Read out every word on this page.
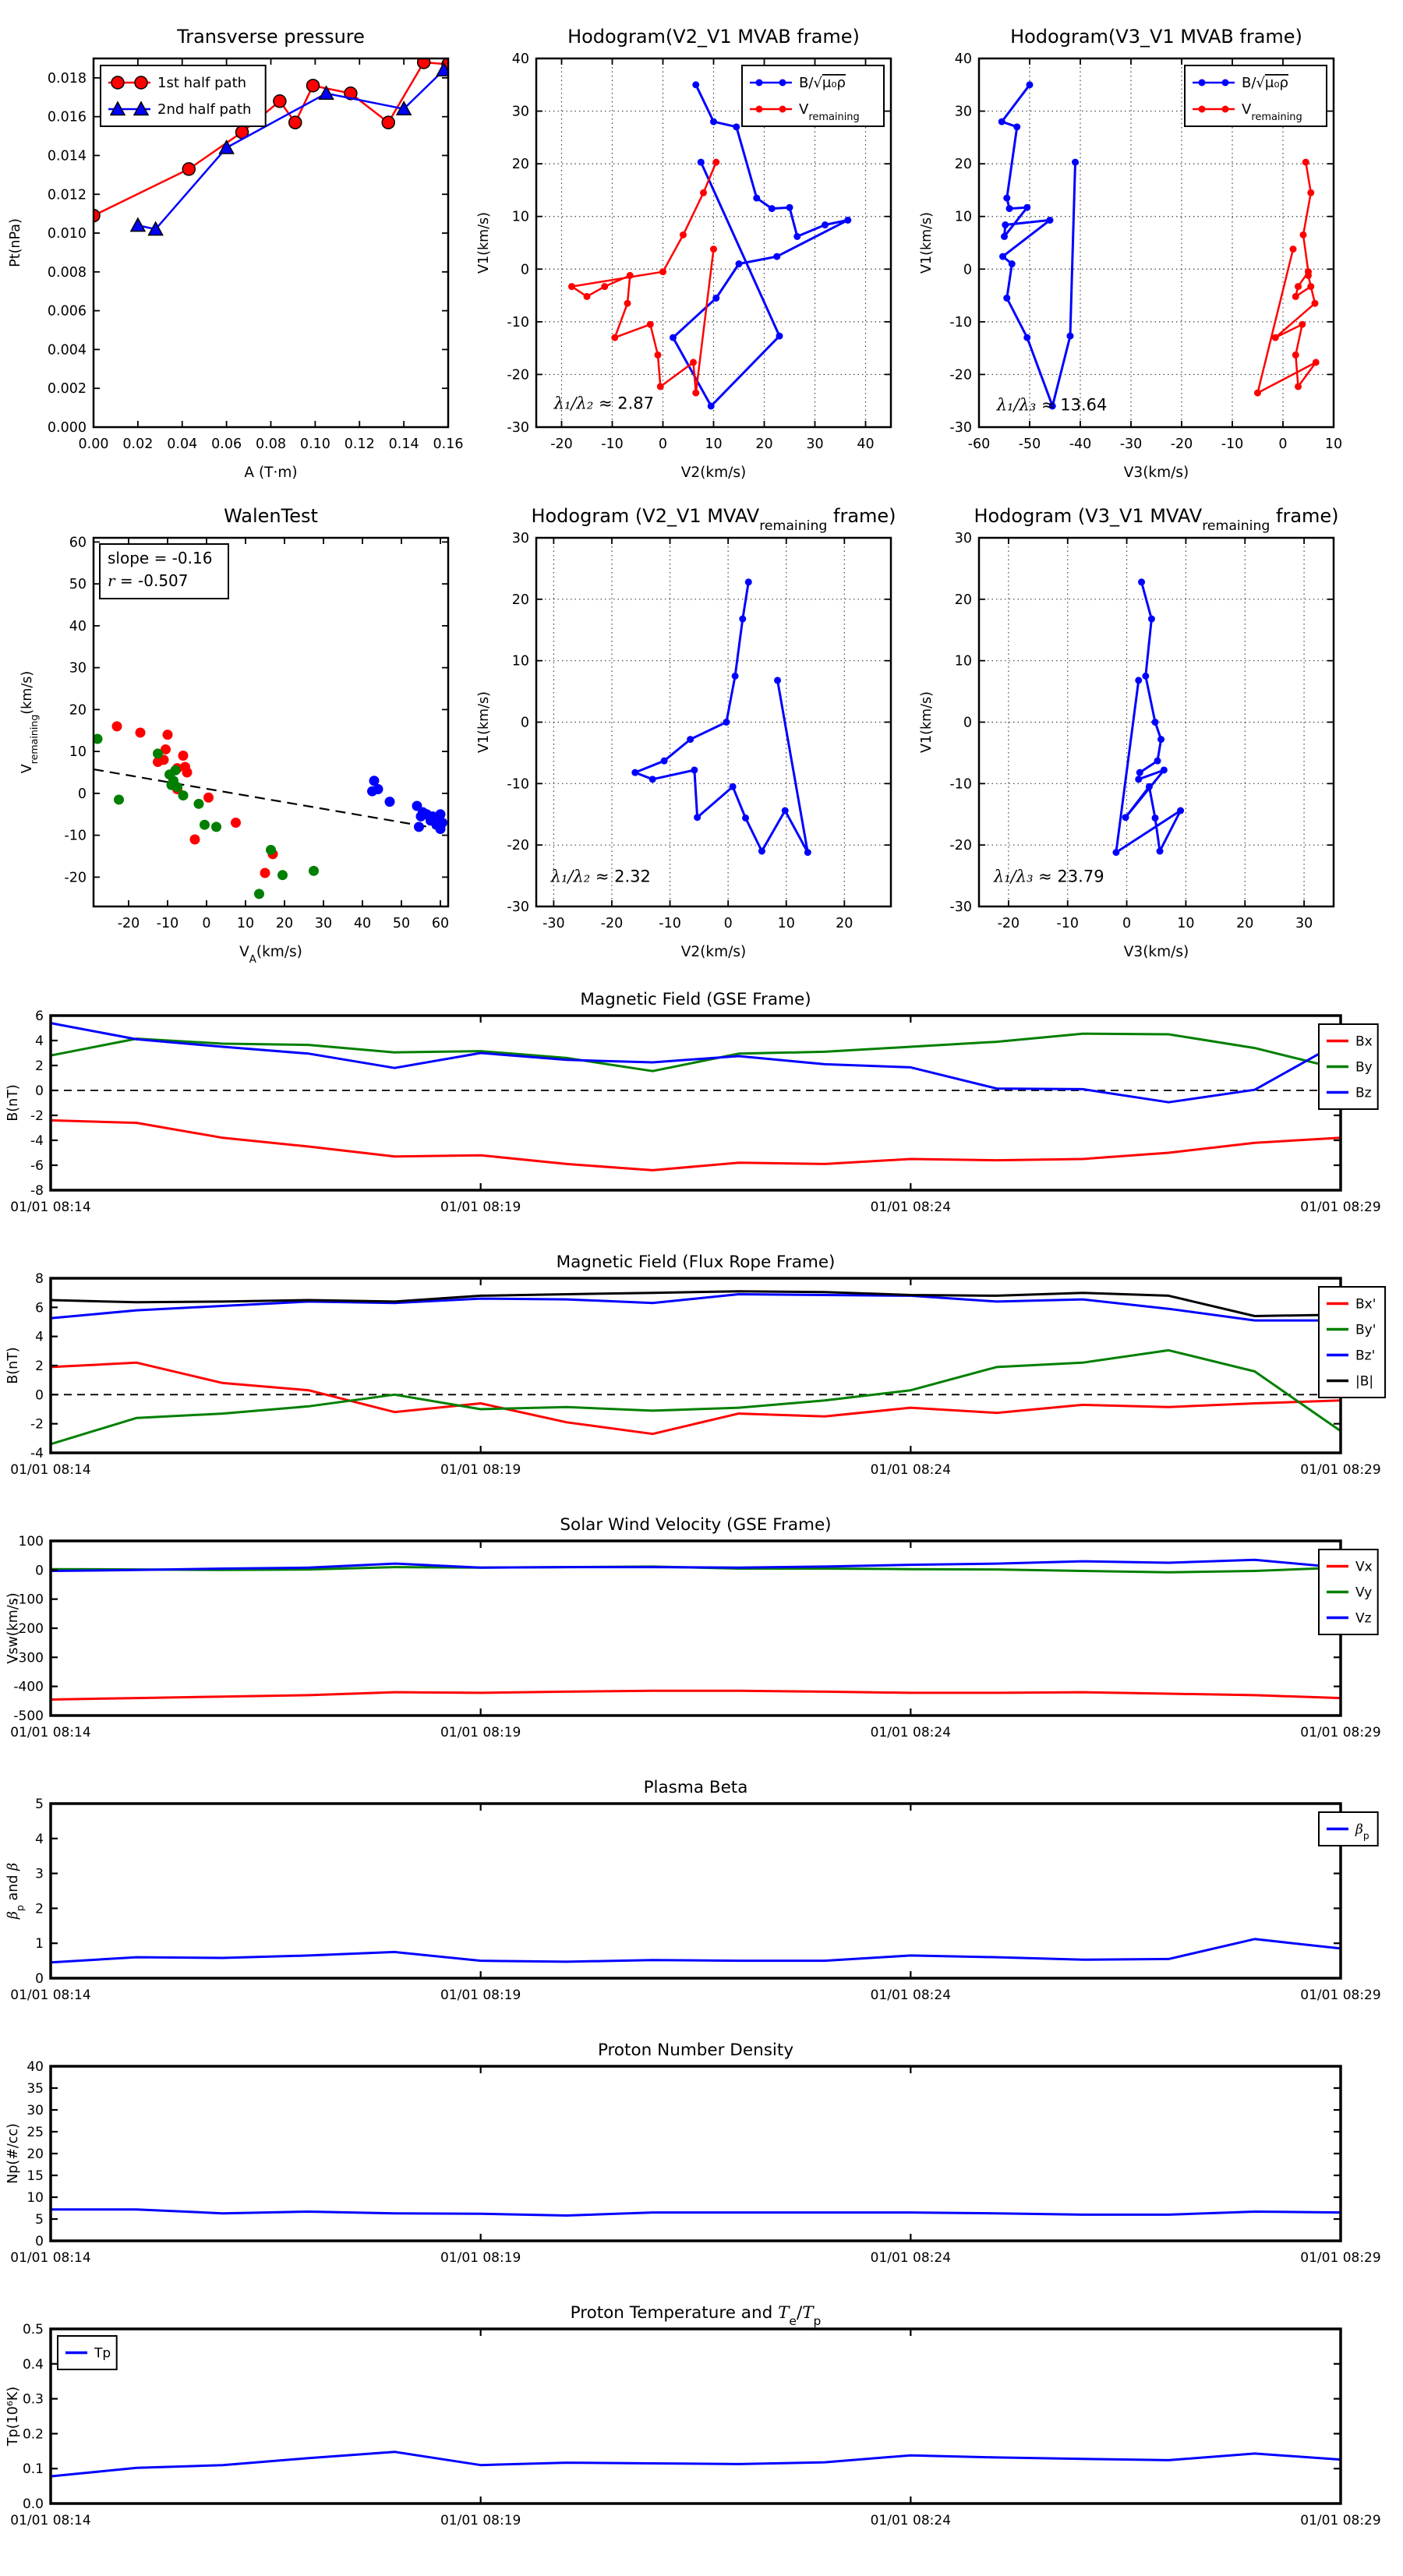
0.00 0.02 0.04 0.06 0.08 0.10 0.12 0.14 0.16
0.000
0.002
0.004
0.006
0.008
0.010
0.012
0.014
0.016
0.018
Transverse pressure
A (T·m)
Pt(nPa)
1st half path
2nd half path
-20 -10	0	10 20 30 40
-30
-20
-10
0
10
20
30
40
Hodogram(V2_V1 MVAB frame)
V2(km/s)
V1(km/s)
B/√μ₀ρ
$V_{remaining}$
λ₁/λ₂ ≈ 2.87
-60 -50 -40 -30 -20 -10	0	10
-30
-20
-10
0
10
20
30
40
Hodogram(V3_V1 MVAB frame)
V3(km/s)
V1(km/s)
B/√μ₀ρ
$V_{remaining}$
λ₁/λ₃ ≈ 13.64
-20 -10 0 10 20 30 40 50 60
-20
-10
0
10
20
30
40
50
60
WalenTest
$V_A(km/s)$
$V_{remaining}(km/s)$
slope = -0.16
r = -0.507
-30	-20	-10	0	10	20
-30
-20
-10
0
10
20
30
Hodogram (V2_V1 $MVAV_{remaining}$ frame)
V2(km/s)
V1(km/s)
λ₁/λ₂ ≈ 2.32
-20	-10	0	10	20	30
-30
-20
-10
0
10
20
30
Hodogram (V3_V1 $MVAV_{remaining}$ frame)
V3(km/s)
V1(km/s)
λ₁/λ₃ ≈ 23.79
01/01 08:14	01/01 08:19	01/01 08:24	01/01 08:29
-8
-6
-4
-2
0
2
4
6
Magnetic Field (GSE Frame)
B(nT)
Bx
By
Bz
01/01 08:14	01/01 08:19	01/01 08:24	01/01 08:29
-4
-2
0
2
4
6
8
Magnetic Field (Flux Rope Frame)
B(nT)
Bx'
By'
Bz'
|B|
01/01 08:14	01/01 08:19	01/01 08:24	01/01 08:29
-500
-400
-300
-200
-100
0
100
Solar Wind Velocity (GSE Frame)
Vsw(km/s)
Vx
Vy
Vz
01/01 08:14	01/01 08:19	01/01 08:24	01/01 08:29
0
1
2
3
4
5
Plasma Beta
$\beta_p$ and β
$\beta_p$
01/01 08:14	01/01 08:19	01/01 08:24	01/01 08:29
0
5
10
15
20
25
30
35
40
Proton Number Density
Np(#/cc)
01/01 08:14	01/01 08:19	01/01 08:24	01/01 08:29
0.0
0.1
0.2
0.3
0.4
0.5
Proton Temperature and $T_e/T_p$
Tp(10⁶K)
Tp
